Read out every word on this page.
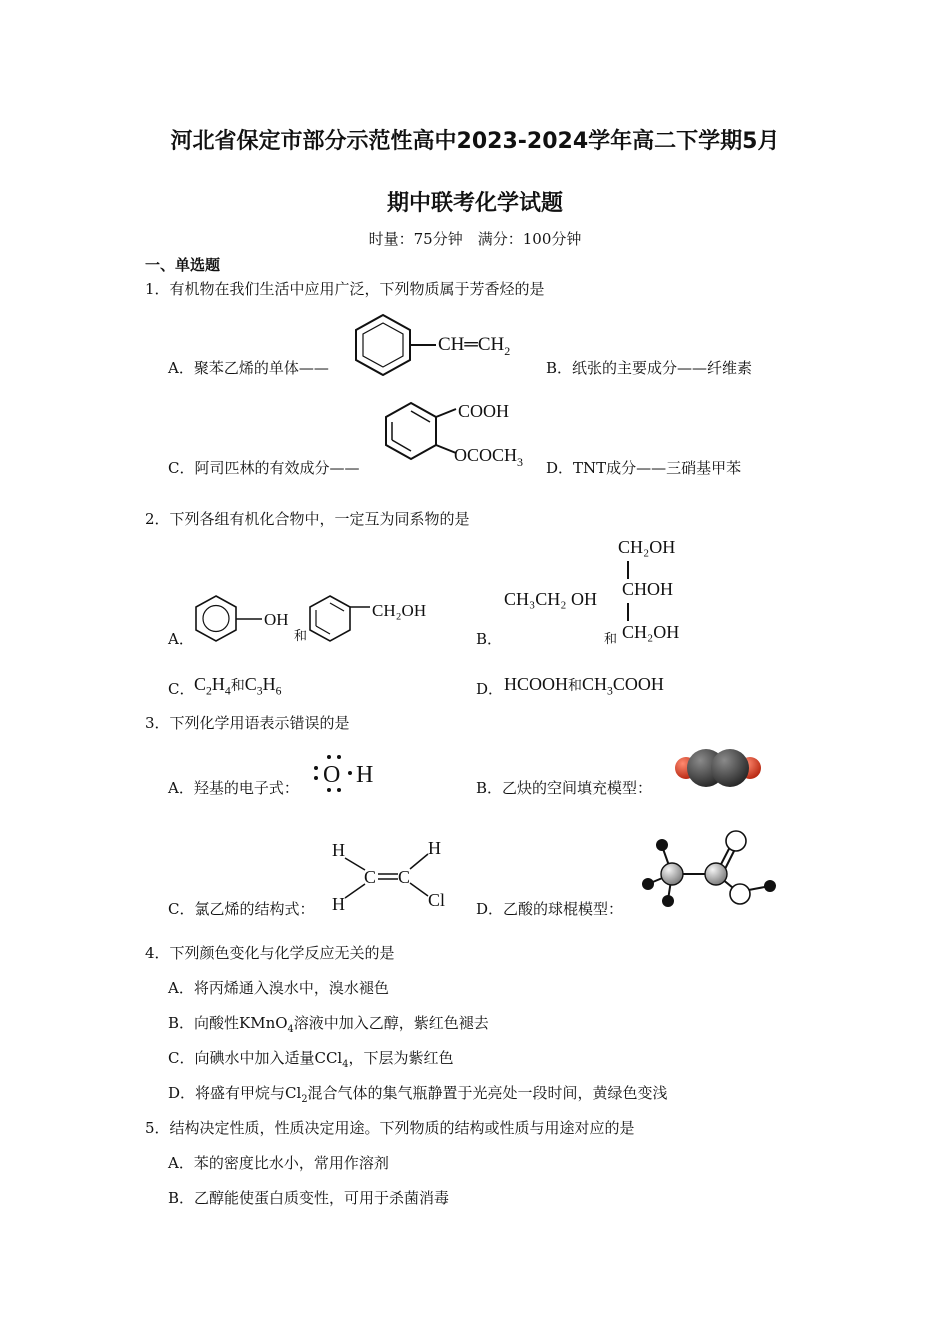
河北省保定市部分示范性高中2023-2024学年高二下学期5月
期中联考化学试题
时量：75分钟　满分：100分钟
一、单选题
1．有机物在我们生活中应用广泛，下列物质属于芳香烃的是
A．聚苯乙烯的单体——
$CH═CH_2$
B．纸张的主要成分——纤维素
C．阿司匹林的有效成分——
COOH
$OCOCH_3$ D．TNT成分——三硝基甲苯
2．下列各组有机化合物中，一定互为同系物的是
A．
OH
和
CH₂OH
B．
CH₃CH₂ OH
和
CH₂OH
CHOH
CH₂OH
C． $C_2H_4$和$C_3H_6$	D． HCOOH和$CH_3COOH$
3．下列化学用语表示错误的是
A．羟基的电子式： O H	B．乙炔的空间填充模型：
C．氯乙烯的结构式：
H
H
C C
H
Cl D．乙酸的球棍模型：
4．下列颜色变化与化学反应无关的是
A．将丙烯通入溴水中，溴水褪色
B．向酸性KMnO$_4$溶液中加入乙醇，紫红色褪去
C．向碘水中加入适量CCl$_4$，下层为紫红色
D．将盛有甲烷与$Cl_2$混合气体的集气瓶静置于光亮处一段时间，黄绿色变浅
5．结构决定性质，性质决定用途。下列物质的结构或性质与用途对应的是
A．苯的密度比水小，常用作溶剂
B．乙醇能使蛋白质变性，可用于杀菌消毒
